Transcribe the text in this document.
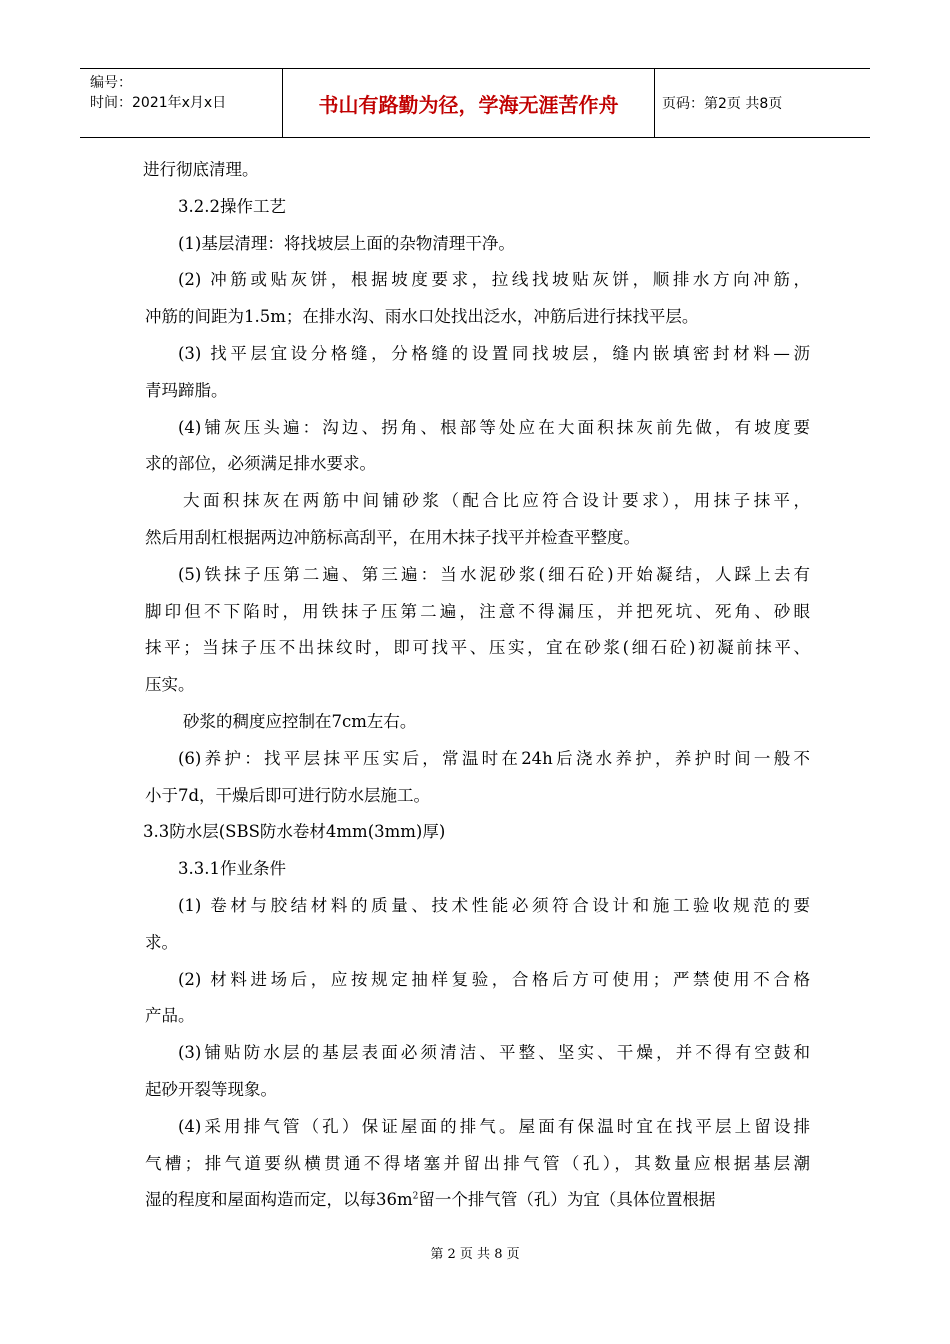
编号：
时间：2021年x月x日	书山有路勤为径，学海无涯苦作舟	页码：第2页 共8页
进行彻底清理。
3.2.2操作工艺
(1)基层清理：将找坡层上面的杂物清理干净。
(2) 冲筋或贴灰饼，根据坡度要求，拉线找坡贴灰饼，顺排水方向冲筋，
冲筋的间距为1.5m；在排水沟、雨水口处找出泛水，冲筋后进行抹找平层。
(3) 找平层宜设分格缝，分格缝的设置同找坡层，缝内嵌填密封材料—沥
青玛蹄脂。
(4)铺灰压头遍：沟边、拐角、根部等处应在大面积抹灰前先做，有坡度要
求的部位，必须满足排水要求。
大面积抹灰在两筋中间铺砂浆（配合比应符合设计要求），用抹子抹平，
然后用刮杠根据两边冲筋标高刮平，在用木抹子找平并检查平整度。
(5)铁抹子压第二遍、第三遍：当水泥砂浆(细石砼)开始凝结，人踩上去有
脚印但不下陷时，用铁抹子压第二遍，注意不得漏压，并把死坑、死角、砂眼
抹平；当抹子压不出抹纹时，即可找平、压实，宜在砂浆(细石砼)初凝前抹平、
压实。
砂浆的稠度应控制在7cm左右。
(6)养护：找平层抹平压实后，常温时在24h后浇水养护，养护时间一般不
小于7d，干燥后即可进行防水层施工。
3.3防水层(SBS防水卷材4mm(3mm)厚)
3.3.1作业条件
(1) 卷材与胶结材料的质量、技术性能必须符合设计和施工验收规范的要
求。
(2) 材料进场后，应按规定抽样复验，合格后方可使用；严禁使用不合格
产品。
(3)铺贴防水层的基层表面必须清洁、平整、坚实、干燥，并不得有空鼓和
起砂开裂等现象。
(4)采用排气管（孔）保证屋面的排气。屋面有保温时宜在找平层上留设排
气槽；排气道要纵横贯通不得堵塞并留出排气管（孔），其数量应根据基层潮
湿的程度和屋面构造而定，以每$36m^2$留一个排气管（孔）为宜（具体位置根据
第 2 页 共 8 页
